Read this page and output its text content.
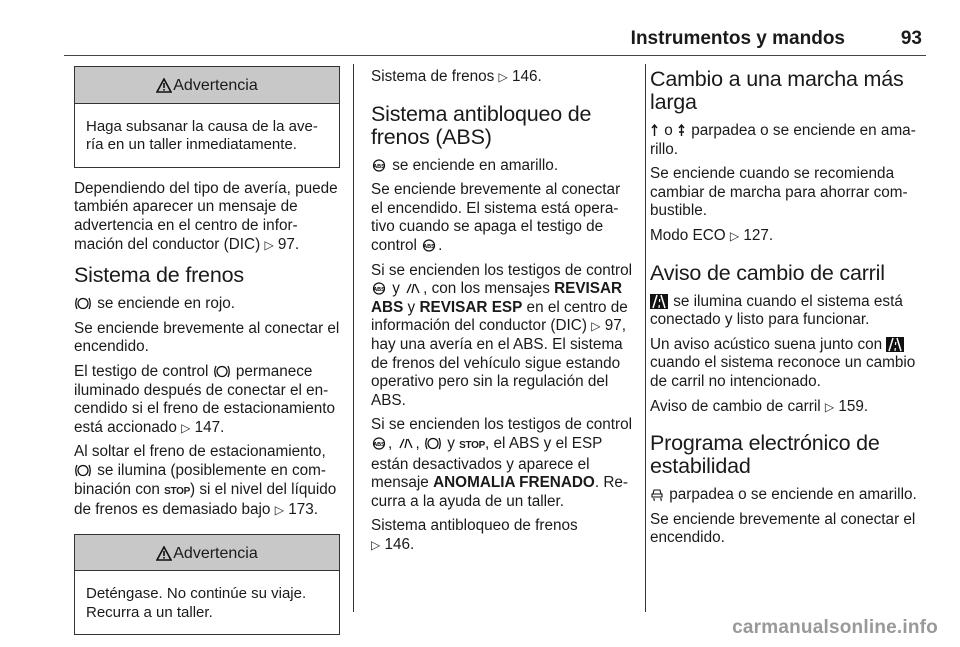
Instrumentos y mandos	93
Advertencia
Haga subsanar la causa de la avería en un taller inmediatamente.

Dependiendo del tipo de avería, puede también aparecer un mensaje de advertencia en el centro de información del conductor (DIC) ▷ 97.

Sistema de frenos

se enciende en rojo.

Se enciende brevemente al conectar el encendido.

El testigo de control  permanece iluminado después de conectar el encendido si el freno de estacionamiento está accionado ▷ 147.

Al soltar el freno de estacionamiento,  se ilumina (posiblemente en combinación con STOP) si el nivel del líquido de frenos es demasiado bajo ▷ 173.

Advertencia
Deténgase. No continúe su viaje. Recurra a un taller.

Sistema de frenos ▷ 146.

Sistema antibloqueo de frenos (ABS)

ABS se enciende en amarillo.

Se enciende brevemente al conectar el encendido. El sistema está operativo cuando se apaga el testigo de control ABS .

Si se encienden los testigos de control
ABS y , con los mensajes REVISAR ABS y REVISAR ESP en el centro de información del conductor (DIC) ▷ 97, hay una avería en el ABS. El sistema de frenos del vehículo sigue estando operativo pero sin la regulación del ABS.

Si se encienden los testigos de control
ABS , ,  y STOP, el ABS y el ESP están desactivados y aparece el mensaje ANOMALIA FRENADO. Recurra a la ayuda de un taller.

Sistema antibloqueo de frenos
▷ 146.

Cambio a una marcha más larga

o  parpadea o se enciende en amarillo.

Se enciende cuando se recomienda cambiar de marcha para ahorrar combustible.

Modo ECO ▷ 127.

Aviso de cambio de carril

se ilumina cuando el sistema está conectado y listo para funcionar.

Un aviso acústico suena junto con  cuando el sistema reconoce un cambio de carril no intencionado.

Aviso de cambio de carril ▷ 159.

Programa electrónico de estabilidad

parpadea o se enciende en amarillo.

Se enciende brevemente al conectar el encendido.

carmanualsonline.info
